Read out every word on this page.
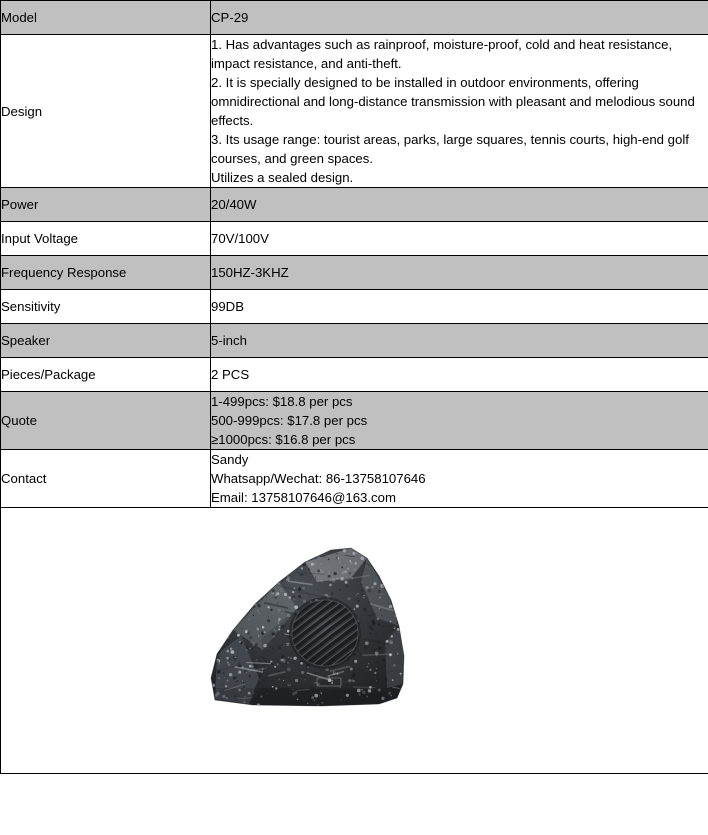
Model	CP-29

Design	1. Has advantages such as rainproof, moisture-proof, cold and heat resistance, impact resistance, and anti-theft.
2. It is specially designed to be installed in outdoor environments, offering omnidirectional and long-distance transmission with pleasant and melodious sound effects.
3. Its usage range: tourist areas, parks, large squares, tennis courts, high-end golf courses, and green spaces.
Utilizes a sealed design.

Power	20/40W

Input Voltage	70V/100V

Frequency Response	150HZ-3KHZ

Sensitivity	99DB

Speaker	5-inch

Pieces/Package	2 PCS

Quote	1-499pcs: $18.8 per pcs
500-999pcs: $17.8 per pcs
≥1000pcs: $16.8 per pcs

Contact	Sandy
Whatsapp/Wechat: 86-13758107646
Email: 13758107646@163.com
